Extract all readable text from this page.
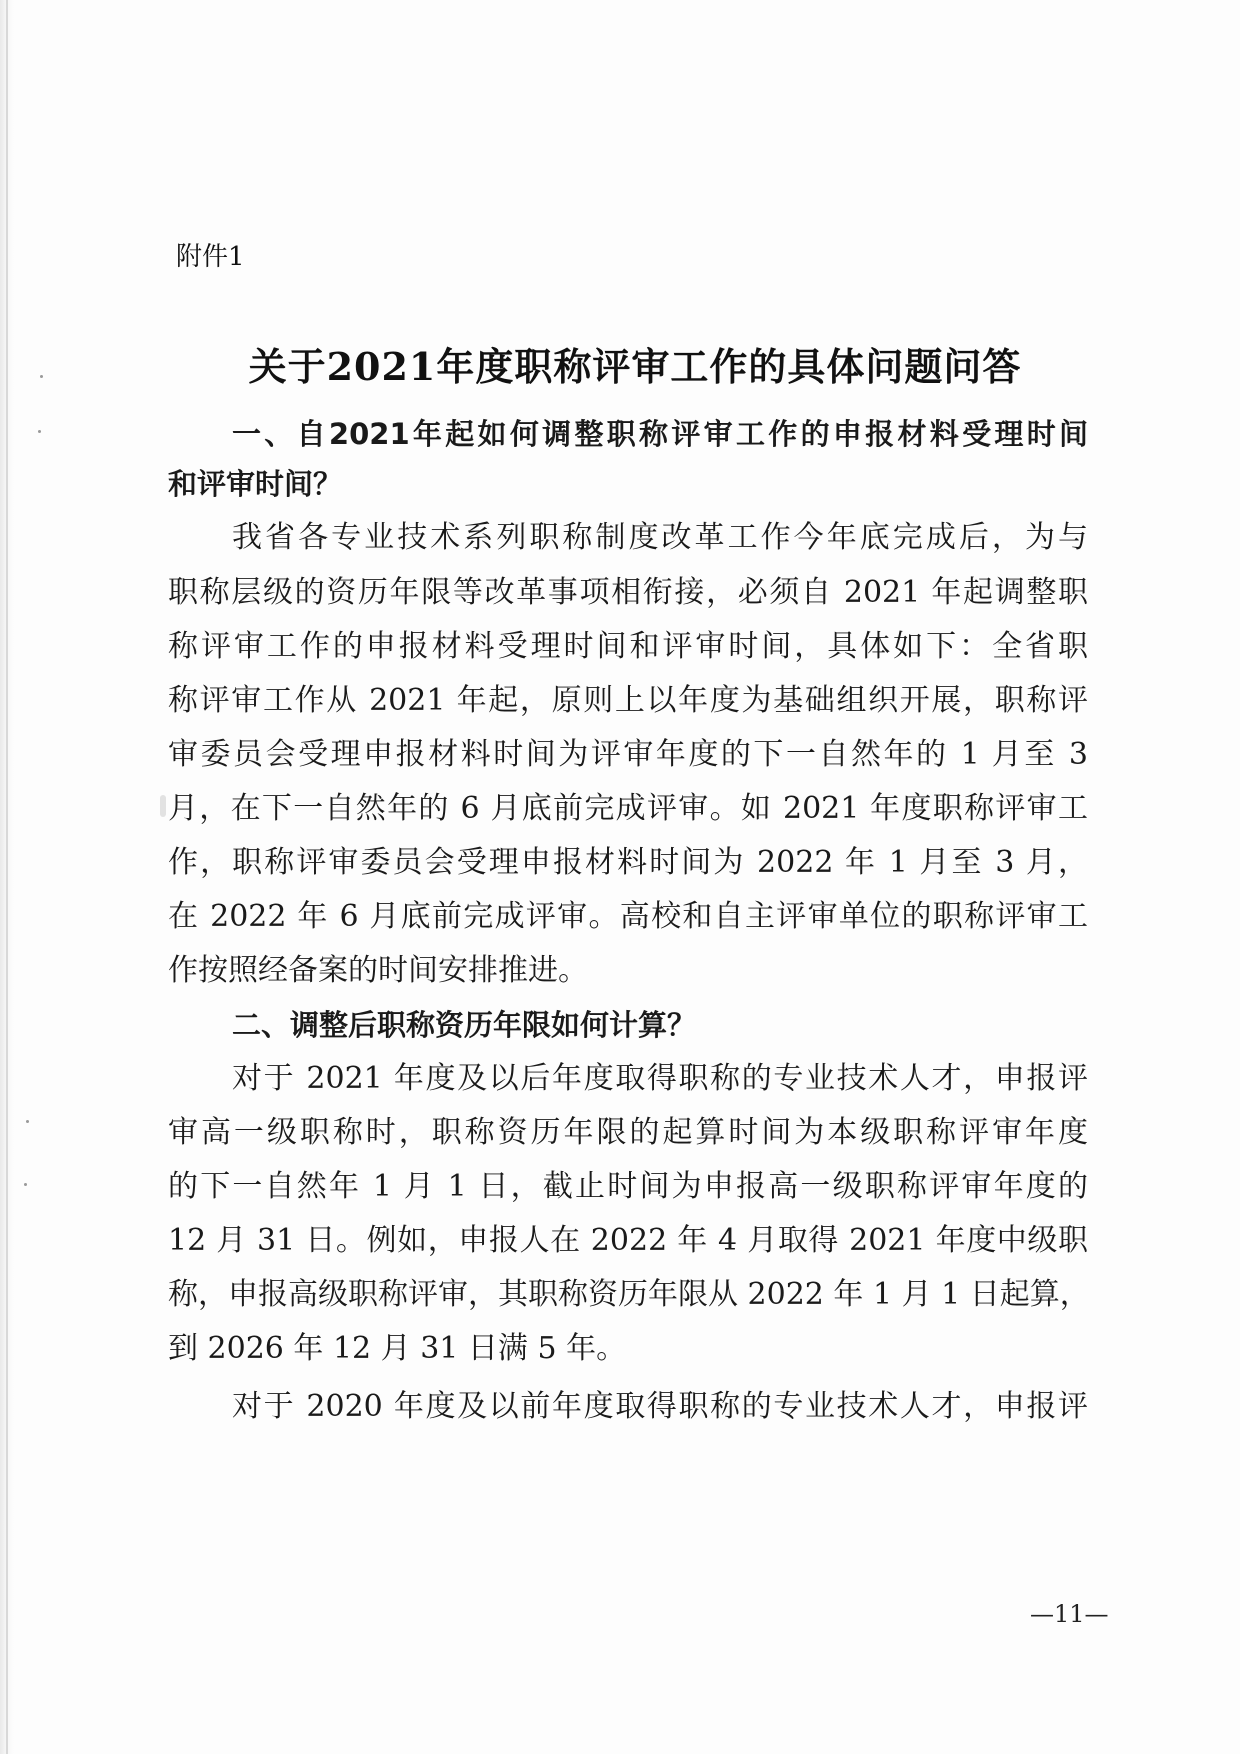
附件1
关于2021年度职称评审工作的具体问题问答
一、自2021年起如何调整职称评审工作的申报材料受理时间
和评审时间？
我省各专业技术系列职称制度改革工作今年底完成后，为与
职称层级的资历年限等改革事项相衔接，必须自 2021 年起调整职
称评审工作的申报材料受理时间和评审时间，具体如下：全省职
称评审工作从 2021 年起，原则上以年度为基础组织开展，职称评
审委员会受理申报材料时间为评审年度的下一自然年的 1 月至 3
月，在下一自然年的 6 月底前完成评审。如 2021 年度职称评审工
作，职称评审委员会受理申报材料时间为 2022 年 1 月至 3 月，
在 2022 年 6 月底前完成评审。高校和自主评审单位的职称评审工
作按照经备案的时间安排推进。
二、调整后职称资历年限如何计算？
对于 2021 年度及以后年度取得职称的专业技术人才，申报评
审高一级职称时，职称资历年限的起算时间为本级职称评审年度
的下一自然年 1 月 1 日，截止时间为申报高一级职称评审年度的
12 月 31 日。例如，申报人在 2022 年 4 月取得 2021 年度中级职
称，申报高级职称评审，其职称资历年限从 2022 年 1 月 1 日起算，
到 2026 年 12 月 31 日满 5 年。
对于 2020 年度及以前年度取得职称的专业技术人才，申报评
—11—
